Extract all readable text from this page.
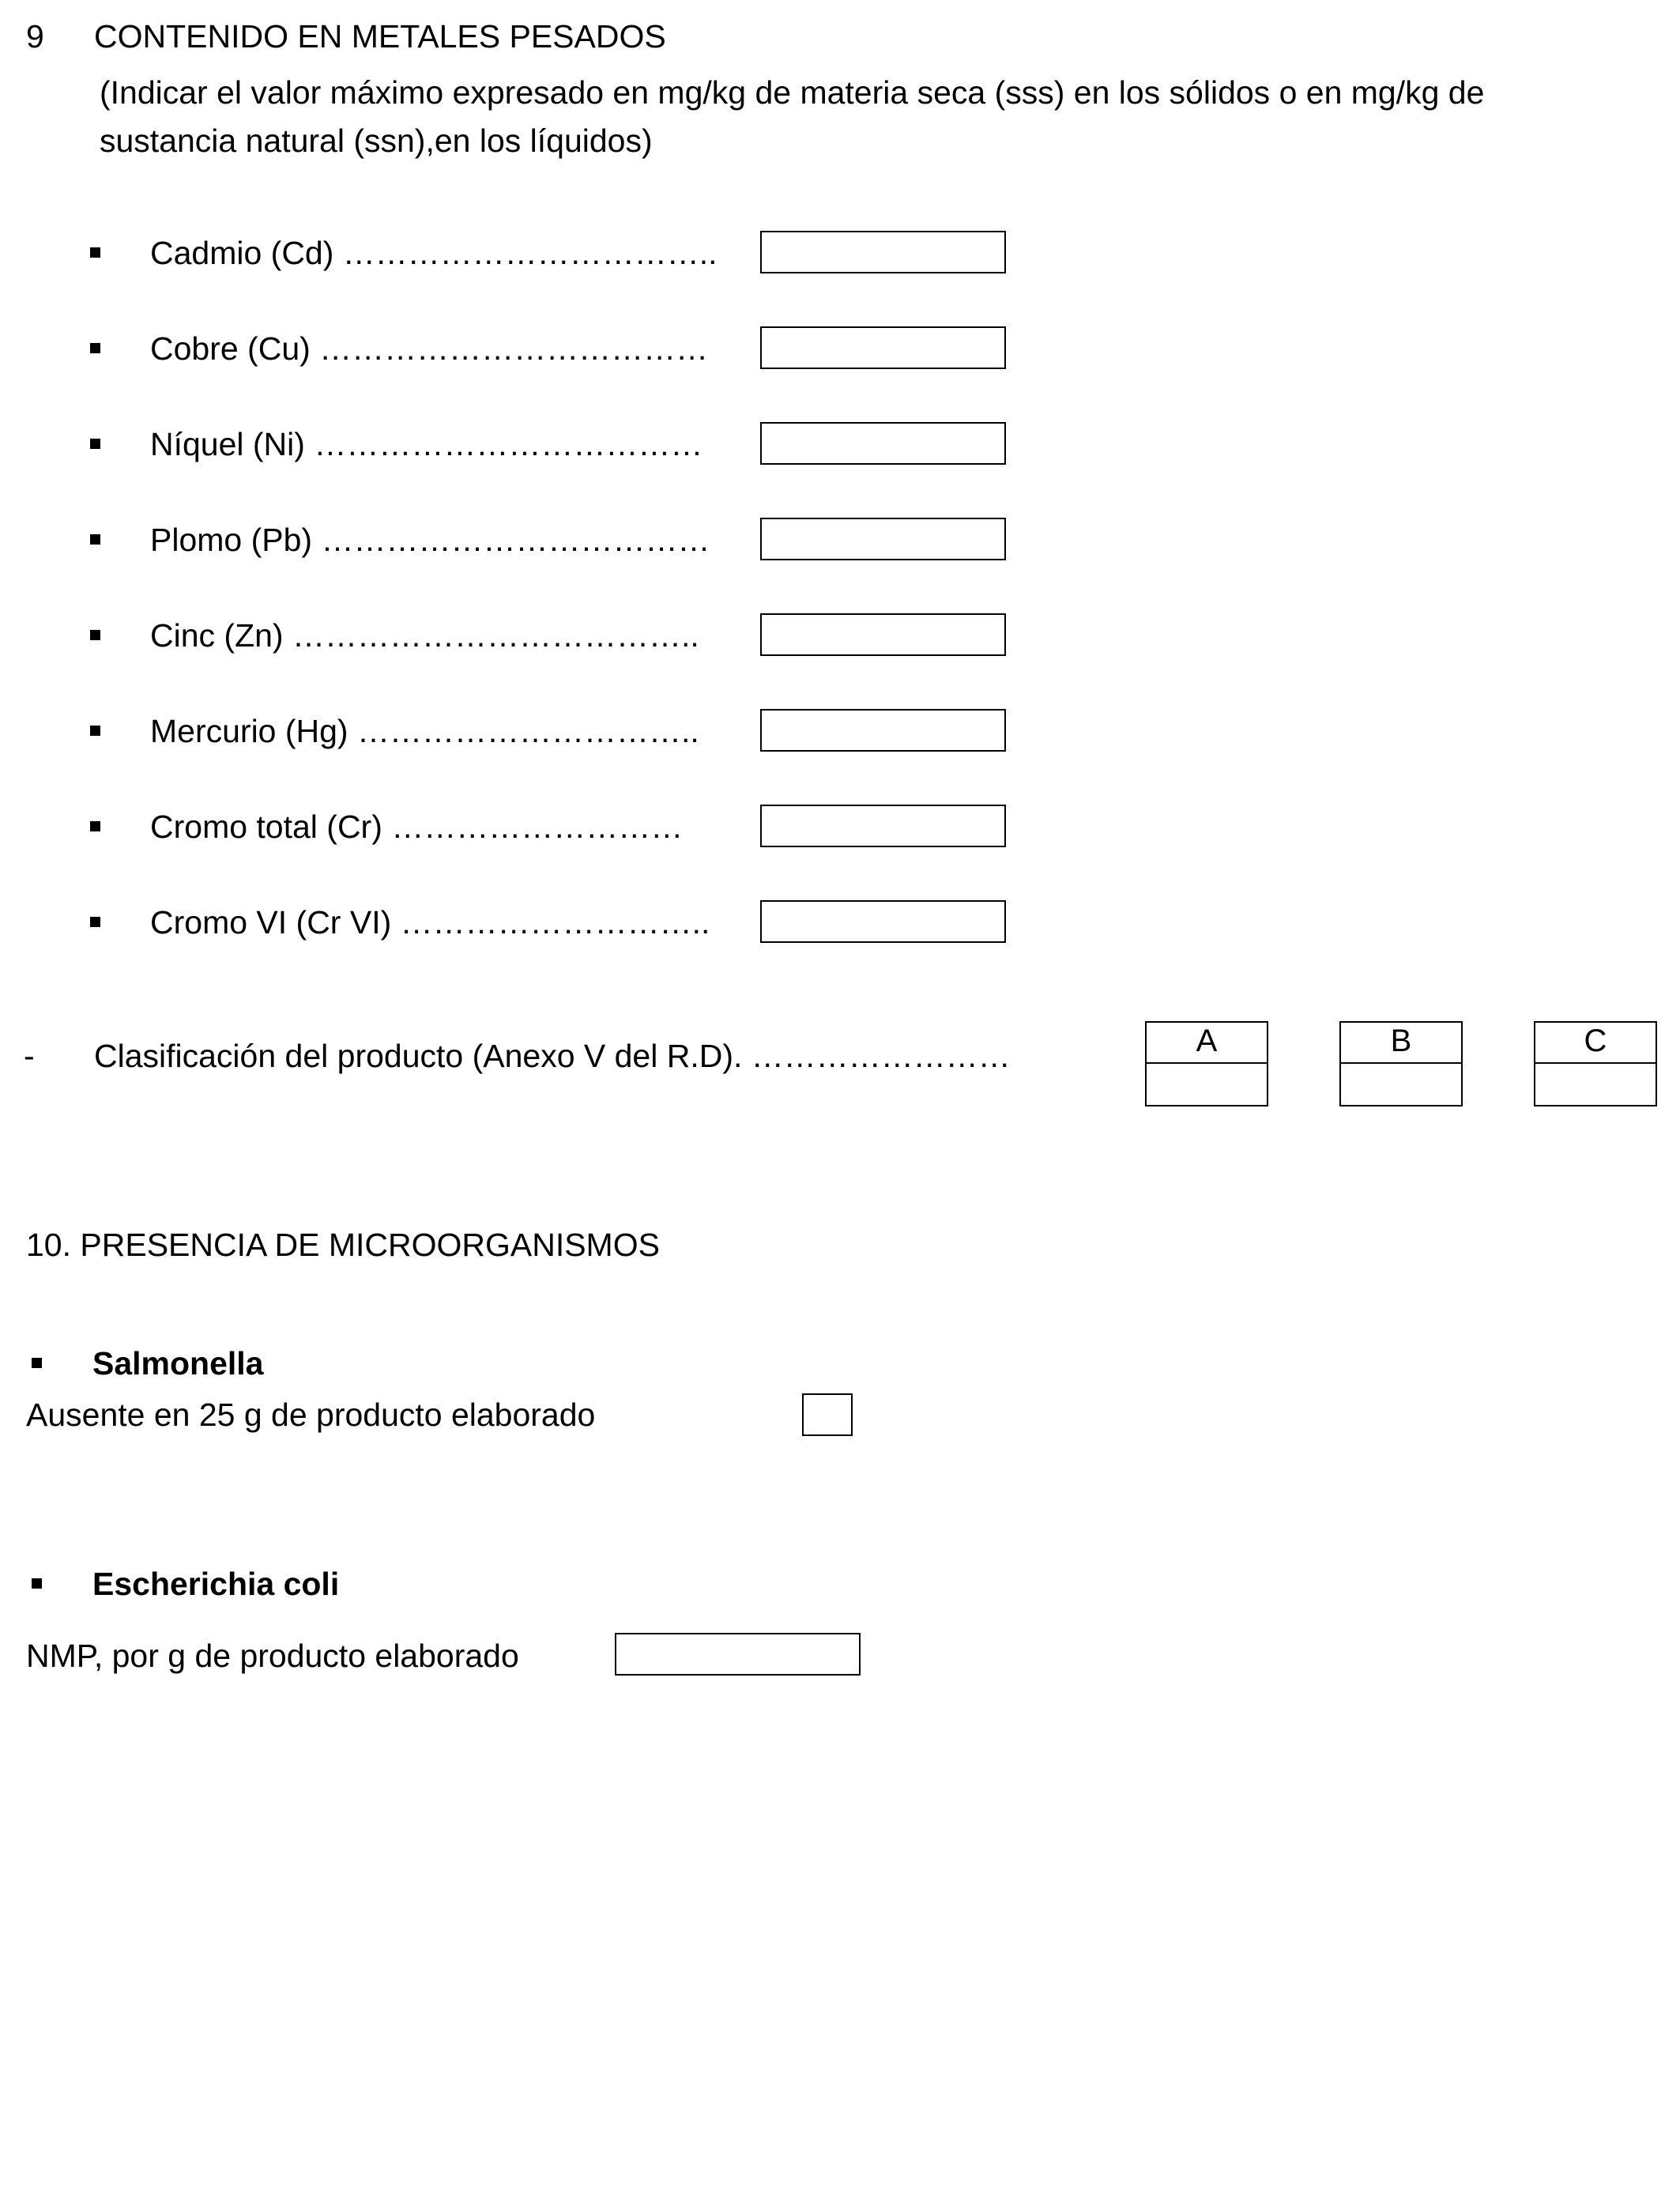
9 CONTENIDO EN METALES PESADOS
(Indicar el valor máximo expresado en mg/kg de materia seca (sss) en los sólidos o en mg/kg de
sustancia natural (ssn),en los líquidos)
Cadmio (Cd) ……………………………..
Cobre (Cu) ………………………………
Níquel (Ni) ………………………………
Plomo (Pb) ………………………………
Cinc (Zn) ………………………………..
Mercurio (Hg) …………………………..
Cromo total (Cr) ………………………
Cromo VI (Cr VI) ………………………..
- Clasificación del producto (Anexo V del R.D). ……………………	A	B	C
10. PRESENCIA DE MICROORGANISMOS
Salmonella
Ausente en 25 g de producto elaborado
Escherichia coli
NMP, por g de producto elaborado
